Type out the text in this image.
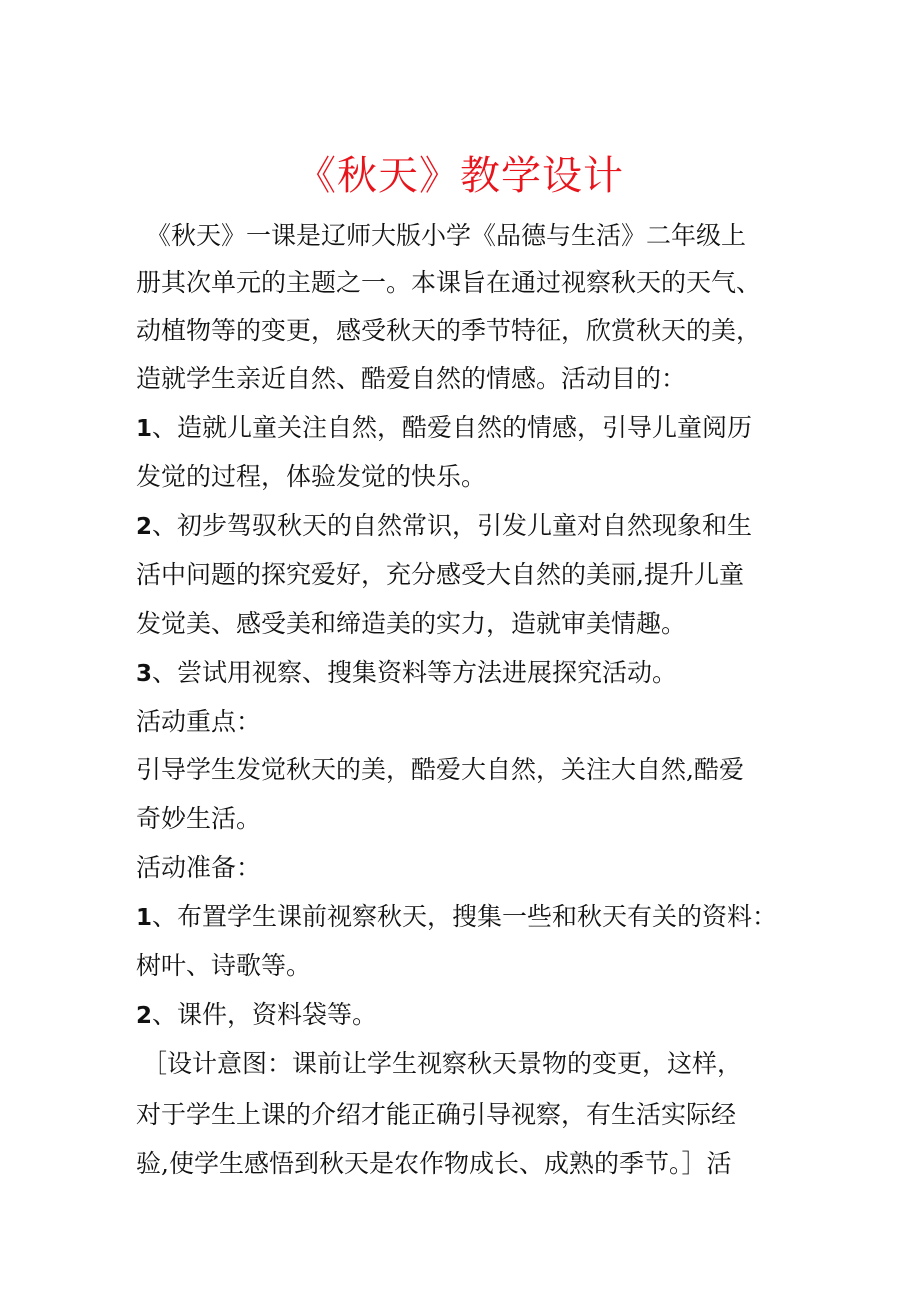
《秋天》教学设计
《秋天》一课是辽师大版小学《品德与生活》二年级上
册其次单元的主题之一。本课旨在通过视察秋天的天气、
动植物等的变更，感受秋天的季节特征，欣赏秋天的美，
造就学生亲近自然、酷爱自然的情感。活动目的：
1、造就儿童关注自然，酷爱自然的情感，引导儿童阅历
发觉的过程，体验发觉的快乐。
2、初步驾驭秋天的自然常识，引发儿童对自然现象和生
活中问题的探究爱好，充分感受大自然的美丽,提升儿童
发觉美、感受美和缔造美的实力，造就审美情趣。
3、尝试用视察、搜集资料等方法进展探究活动。
活动重点：
引导学生发觉秋天的美，酷爱大自然，关注大自然,酷爱
奇妙生活。
活动准备：
1、布置学生课前视察秋天，搜集一些和秋天有关的资料：
树叶、诗歌等。
2、课件，资料袋等。
［设计意图：课前让学生视察秋天景物的变更，这样，
对于学生上课的介绍才能正确引导视察，有生活实际经
验,使学生感悟到秋天是农作物成长、成熟的季节。］活
